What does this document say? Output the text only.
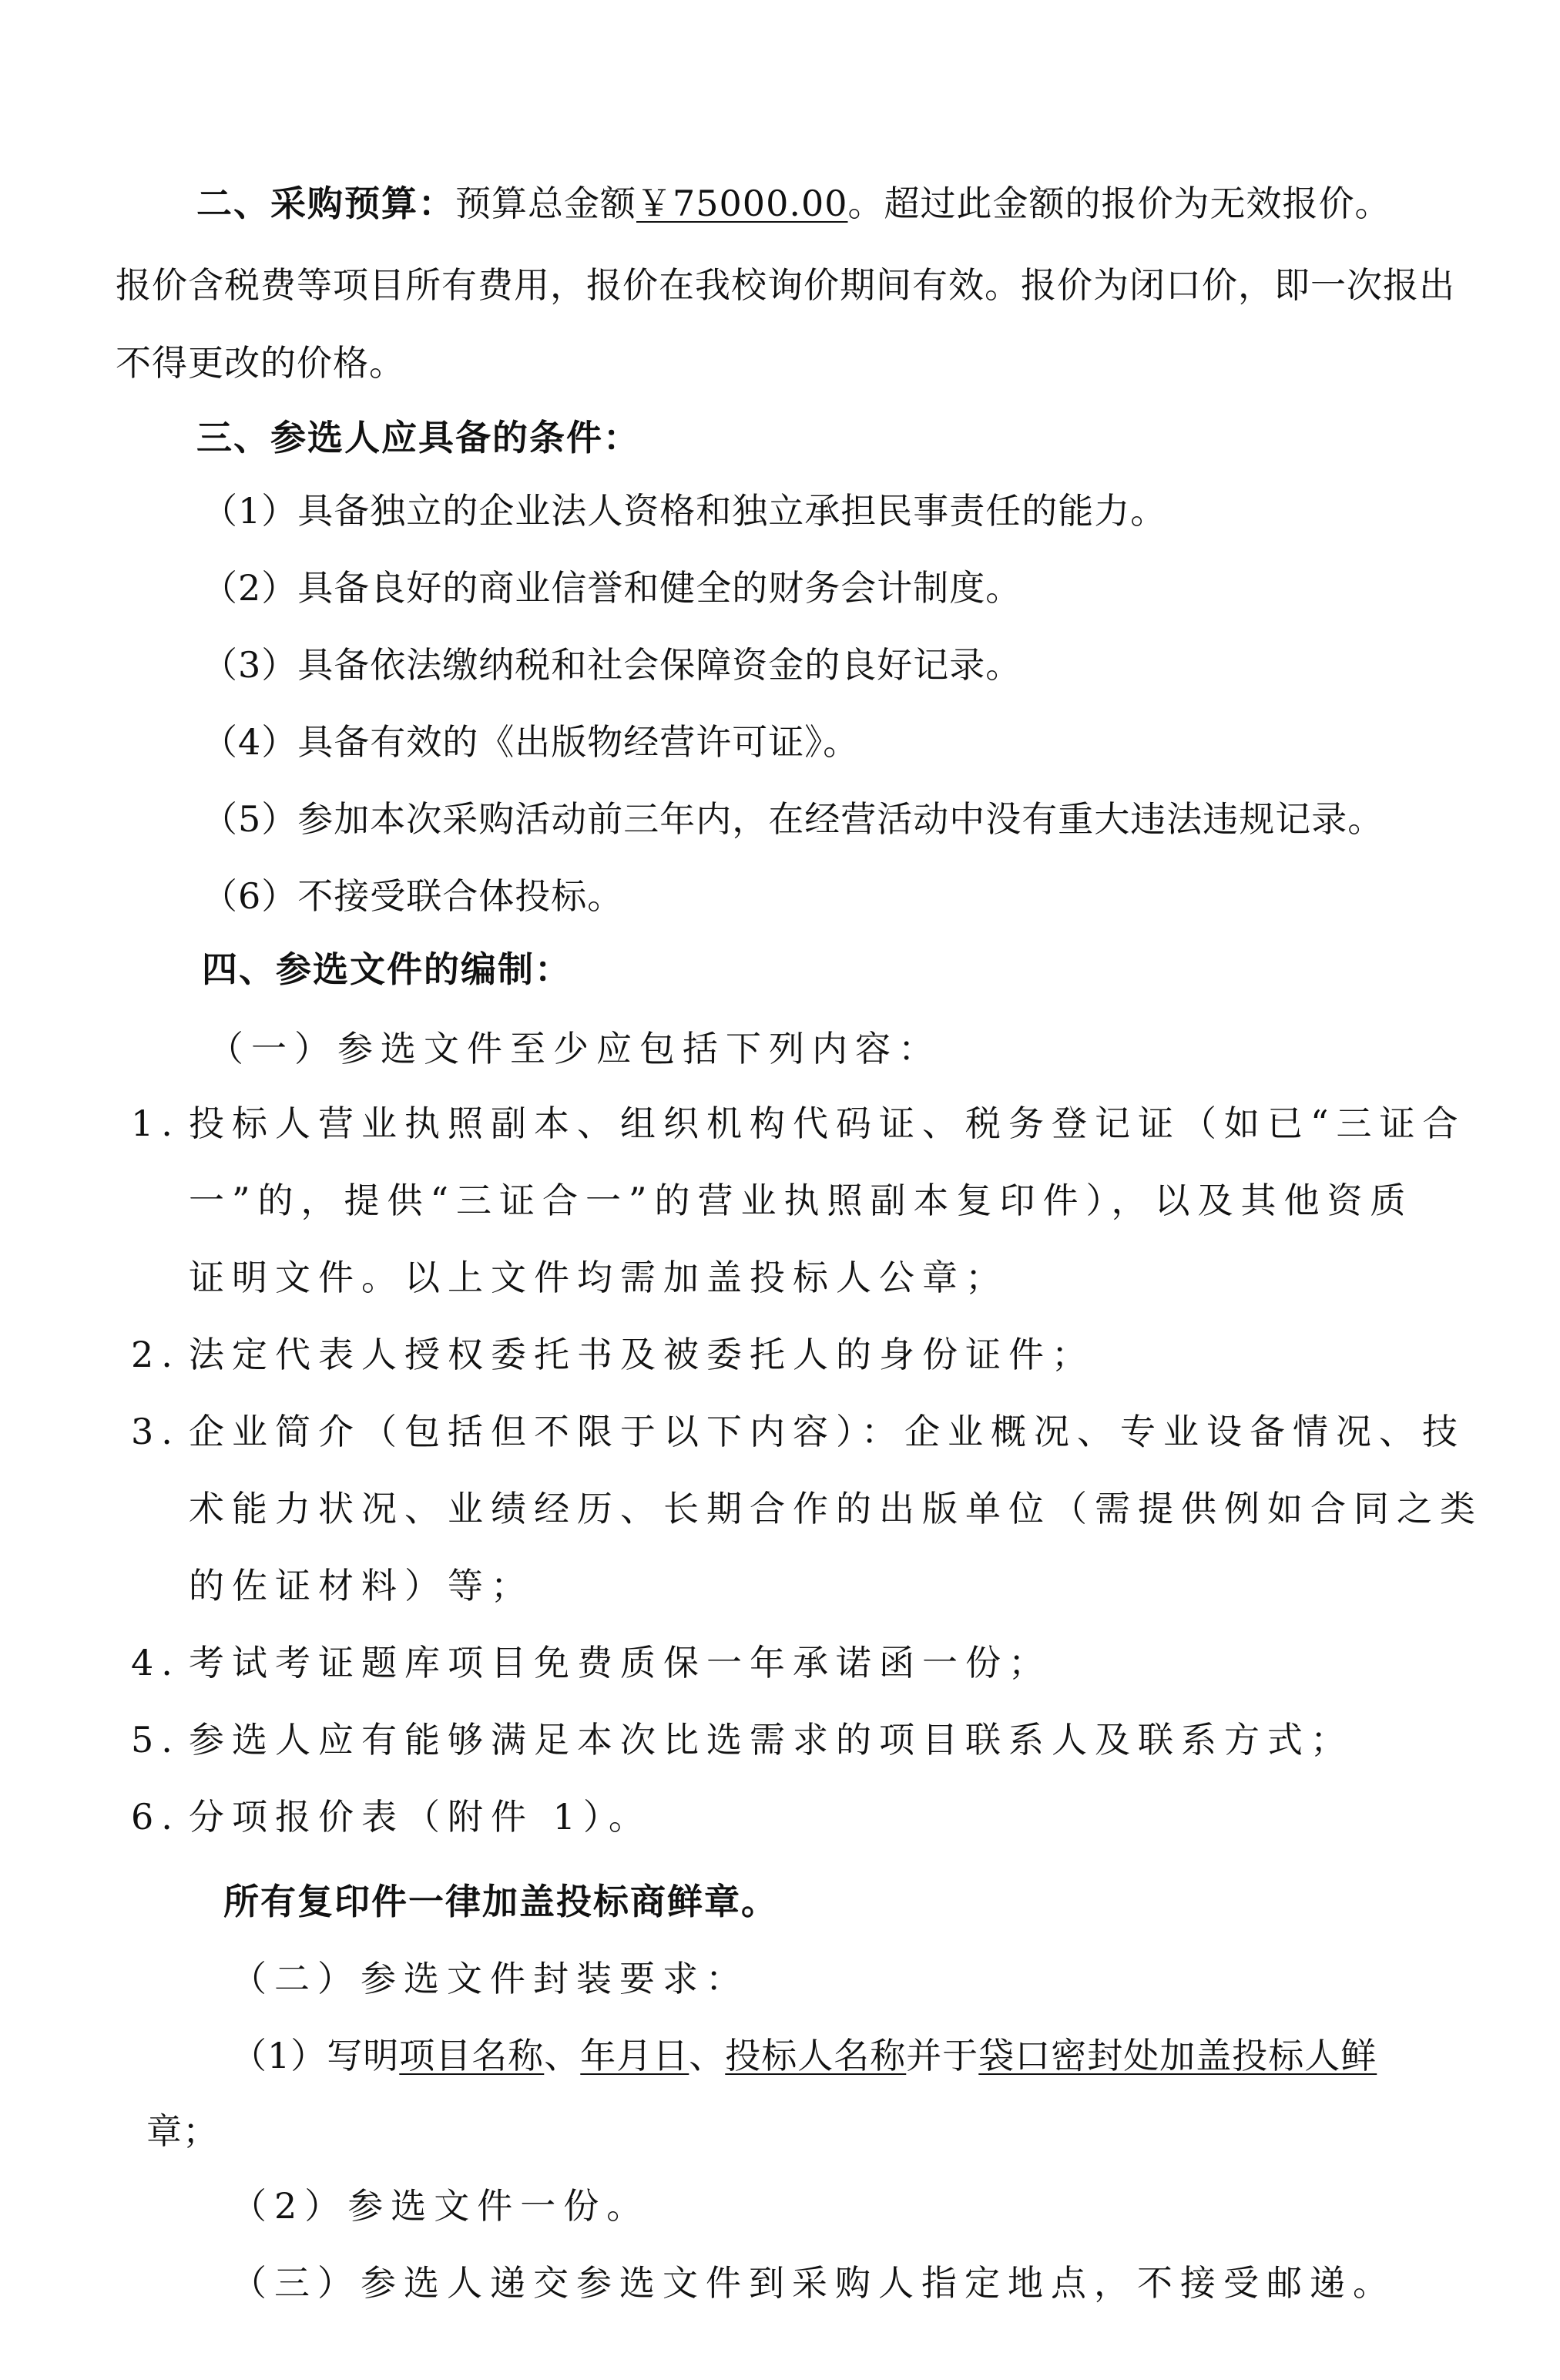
二、采购预算：预算总金额￥75000.00。超过此金额的报价为无效报价。
报价含税费等项目所有费用，报价在我校询价期间有效。报价为闭口价，即一次报出
不得更改的价格。
三、参选人应具备的条件：
（1）具备独立的企业法人资格和独立承担民事责任的能力。
（2）具备良好的商业信誉和健全的财务会计制度。
（3）具备依法缴纳税和社会保障资金的良好记录。
（4）具备有效的《出版物经营许可证》。
（5）参加本次采购活动前三年内，在经营活动中没有重大违法违规记录。
（6）不接受联合体投标。
四、参选文件的编制：
（一）参选文件至少应包括下列内容：
1. 投标人营业执照副本、组织机构代码证、税务登记证（如已“三证合
一”的，提供“三证合一”的营业执照副本复印件），以及其他资质
证明文件。以上文件均需加盖投标人公章；
2. 法定代表人授权委托书及被委托人的身份证件；
3. 企业简介（包括但不限于以下内容）：企业概况、专业设备情况、技
术能力状况、业绩经历、长期合作的出版单位（需提供例如合同之类
的佐证材料）等；
4. 考试考证题库项目免费质保一年承诺函一份；
5. 参选人应有能够满足本次比选需求的项目联系人及联系方式；
6. 分项报价表（附件 1）。
所有复印件一律加盖投标商鲜章。
（二）参选文件封装要求：
（1）写明项目名称、年月日、投标人名称并于袋口密封处加盖投标人鲜
章；
（2）参选文件一份。
（三）参选人递交参选文件到采购人指定地点，不接受邮递。
